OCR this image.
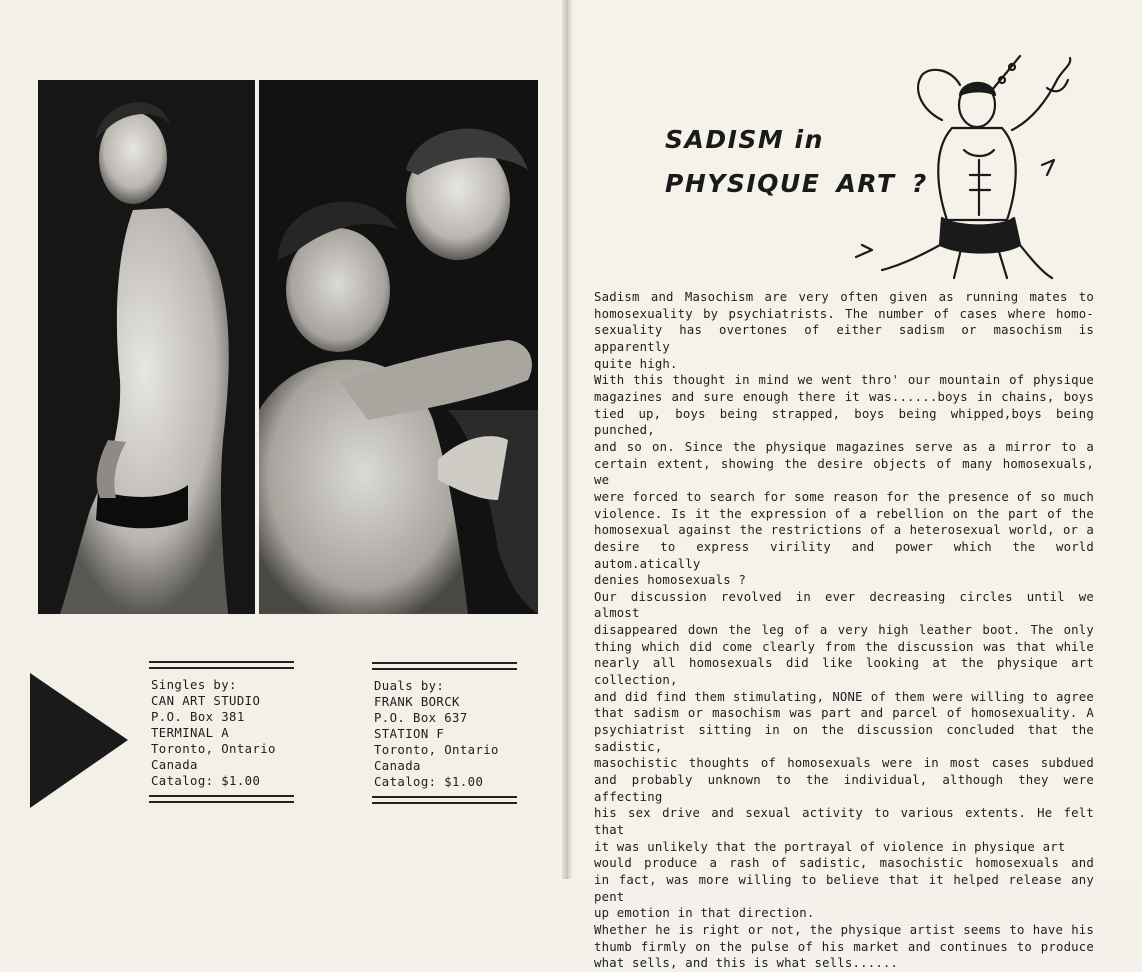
Singles by:
CAN ART STUDIO
P.O. Box 381
TERMINAL A
Toronto, Ontario
Canada
Catalog: $1.00
Duals by:
FRANK BORCK
P.O. Box 637
STATION F
Toronto, Ontario
Canada
Catalog: $1.00
SADISM in
PHYSIQUE ART ?
Sadism and Masochism are very often given as running mates to
homosexuality by psychiatrists. The number of cases where homo-
sexuality has overtones of either sadism or masochism is apparently
quite high.
With this thought in mind we went thro' our mountain of physique
magazines and sure enough there it was......boys in chains, boys
tied up, boys being strapped, boys being whipped,boys being punched,
and so on. Since the physique magazines serve as a mirror to a
certain extent, showing the desire objects of many homosexuals, we
were forced to search for some reason for the presence of so much
violence. Is it the expression of a rebellion on the part of the
homosexual against the restrictions of a heterosexual world, or a
desire to express virility and power which the world autom.atically
denies homosexuals ?
Our discussion revolved in ever decreasing circles until we almost
disappeared down the leg of a very high leather boot. The only
thing which did come clearly from the discussion was that while
nearly all homosexuals did like looking at the physique art collection,
and did find them stimulating, NONE of them were willing to agree
that sadism or masochism was part and parcel of homosexuality. A
psychiatrist sitting in on the discussion concluded that the sadistic,
masochistic thoughts of homosexuals were in most cases subdued
and probably unknown to the individual, although they were affecting
his sex drive and sexual activity to various extents. He felt that
it was unlikely that the portrayal of violence in physique art
would produce a rash of sadistic, masochistic homosexuals and
in fact, was more willing to believe that it helped release any pent
up emotion in that direction.
Whether he is right or not, the physique artist seems to have his
thumb firmly on the pulse of his market and continues to produce
what sells, and this is what sells......
